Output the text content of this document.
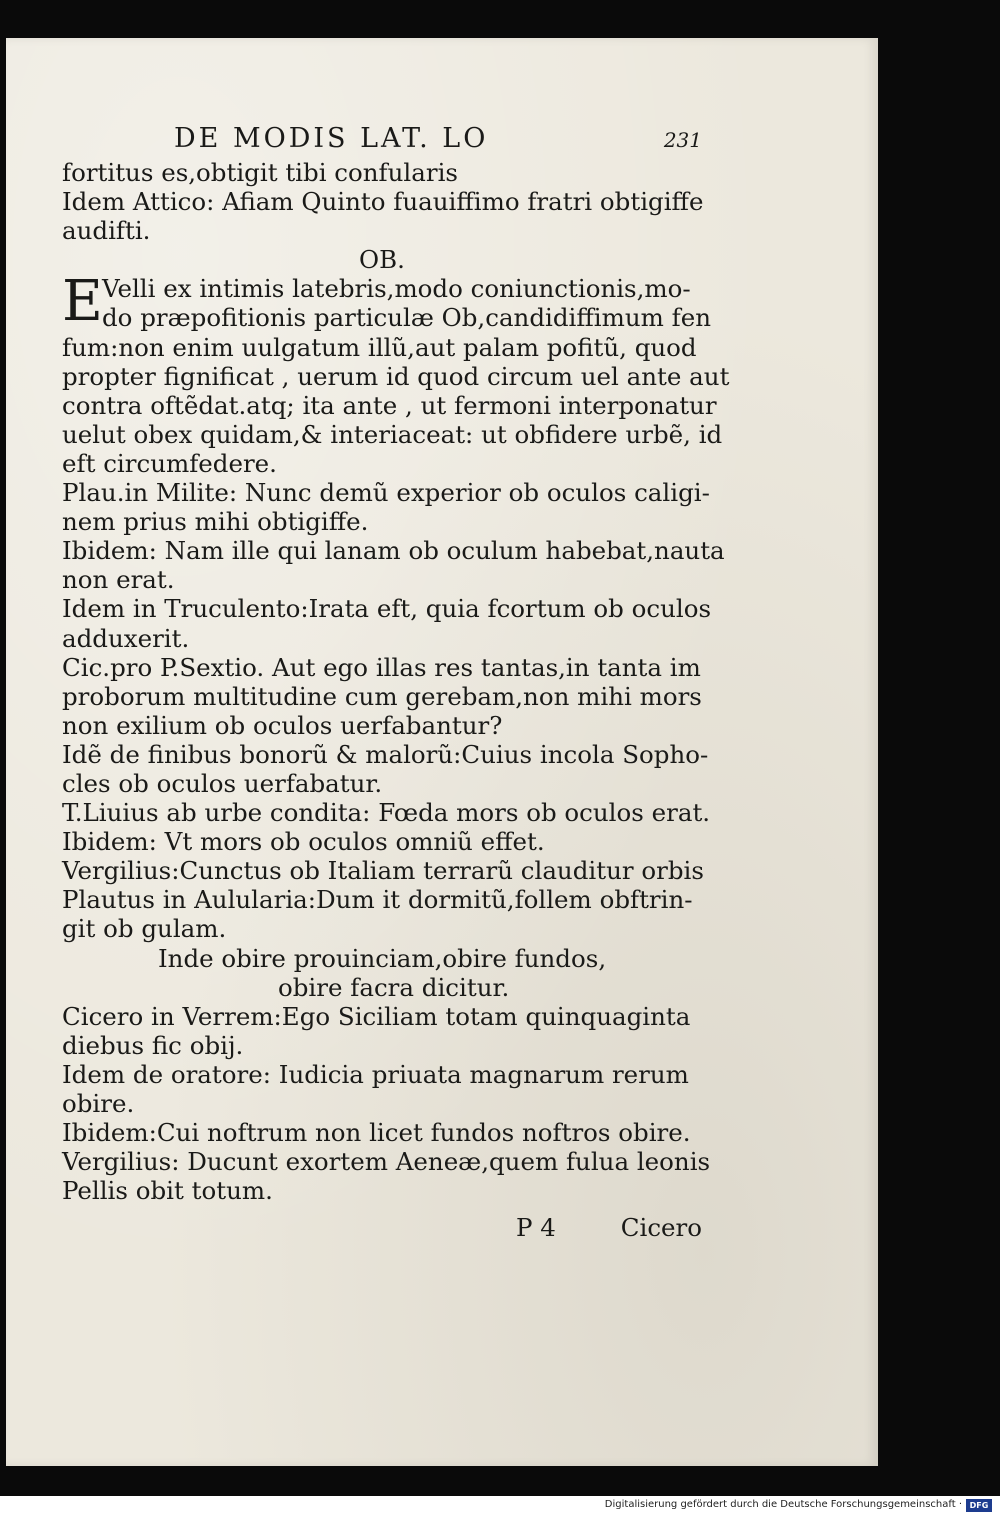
DE MODIS LAT. LO	231
fortitus es,obtigit tibi confularis
Idem Attico: Afiam Quinto fuauiffimo fratri obtigiffe
audifti.
OB.
E Velli ex intimis latebris,modo coniunctionis,mo-
do præpofitionis particulæ Ob,candidiffimum fen
fum:non enim uulgatum illũ,aut palam pofitũ, quod
propter fignificat , uerum id quod circum uel ante aut
contra oftẽdat.atq; ita ante , ut fermoni interponatur
uelut obex quidam,& interiaceat: ut obfidere urbẽ, id
eft circumfedere.
Plau.in Milite: Nunc demũ experior ob oculos caligi-
nem prius mihi obtigiffe.
Ibidem: Nam ille qui lanam ob oculum habebat,nauta
non erat.
Idem in Truculento:Irata eft, quia fcortum ob oculos
adduxerit.
Cic.pro P.Sextio. Aut ego illas res tantas,in tanta im
proborum multitudine cum gerebam,non mihi mors
non exilium ob oculos uerfabantur?
Idẽ de finibus bonorũ & malorũ:Cuius incola Sopho-
cles ob oculos uerfabatur.
T.Liuius ab urbe condita: Fœda mors ob oculos erat.
Ibidem: Vt mors ob oculos omniũ effet.
Vergilius:Cunctus ob Italiam terrarũ clauditur orbis
Plautus in Aulularia:Dum it dormitũ,follem obftrin-
git ob gulam.
Inde obire prouinciam,obire fundos,
obire facra dicitur.
Cicero in Verrem:Ego Siciliam totam quinquaginta
diebus fic obij.
Idem de oratore: Iudicia priuata magnarum rerum
obire.
Ibidem:Cui noftrum non licet fundos noftros obire.
Vergilius: Ducunt exortem Aeneæ,quem fulua leonis
Pellis obit totum.
P 4	Cicero
Digitalisierung gefördert durch die Deutsche Forschungsgemeinschaft · DFG
